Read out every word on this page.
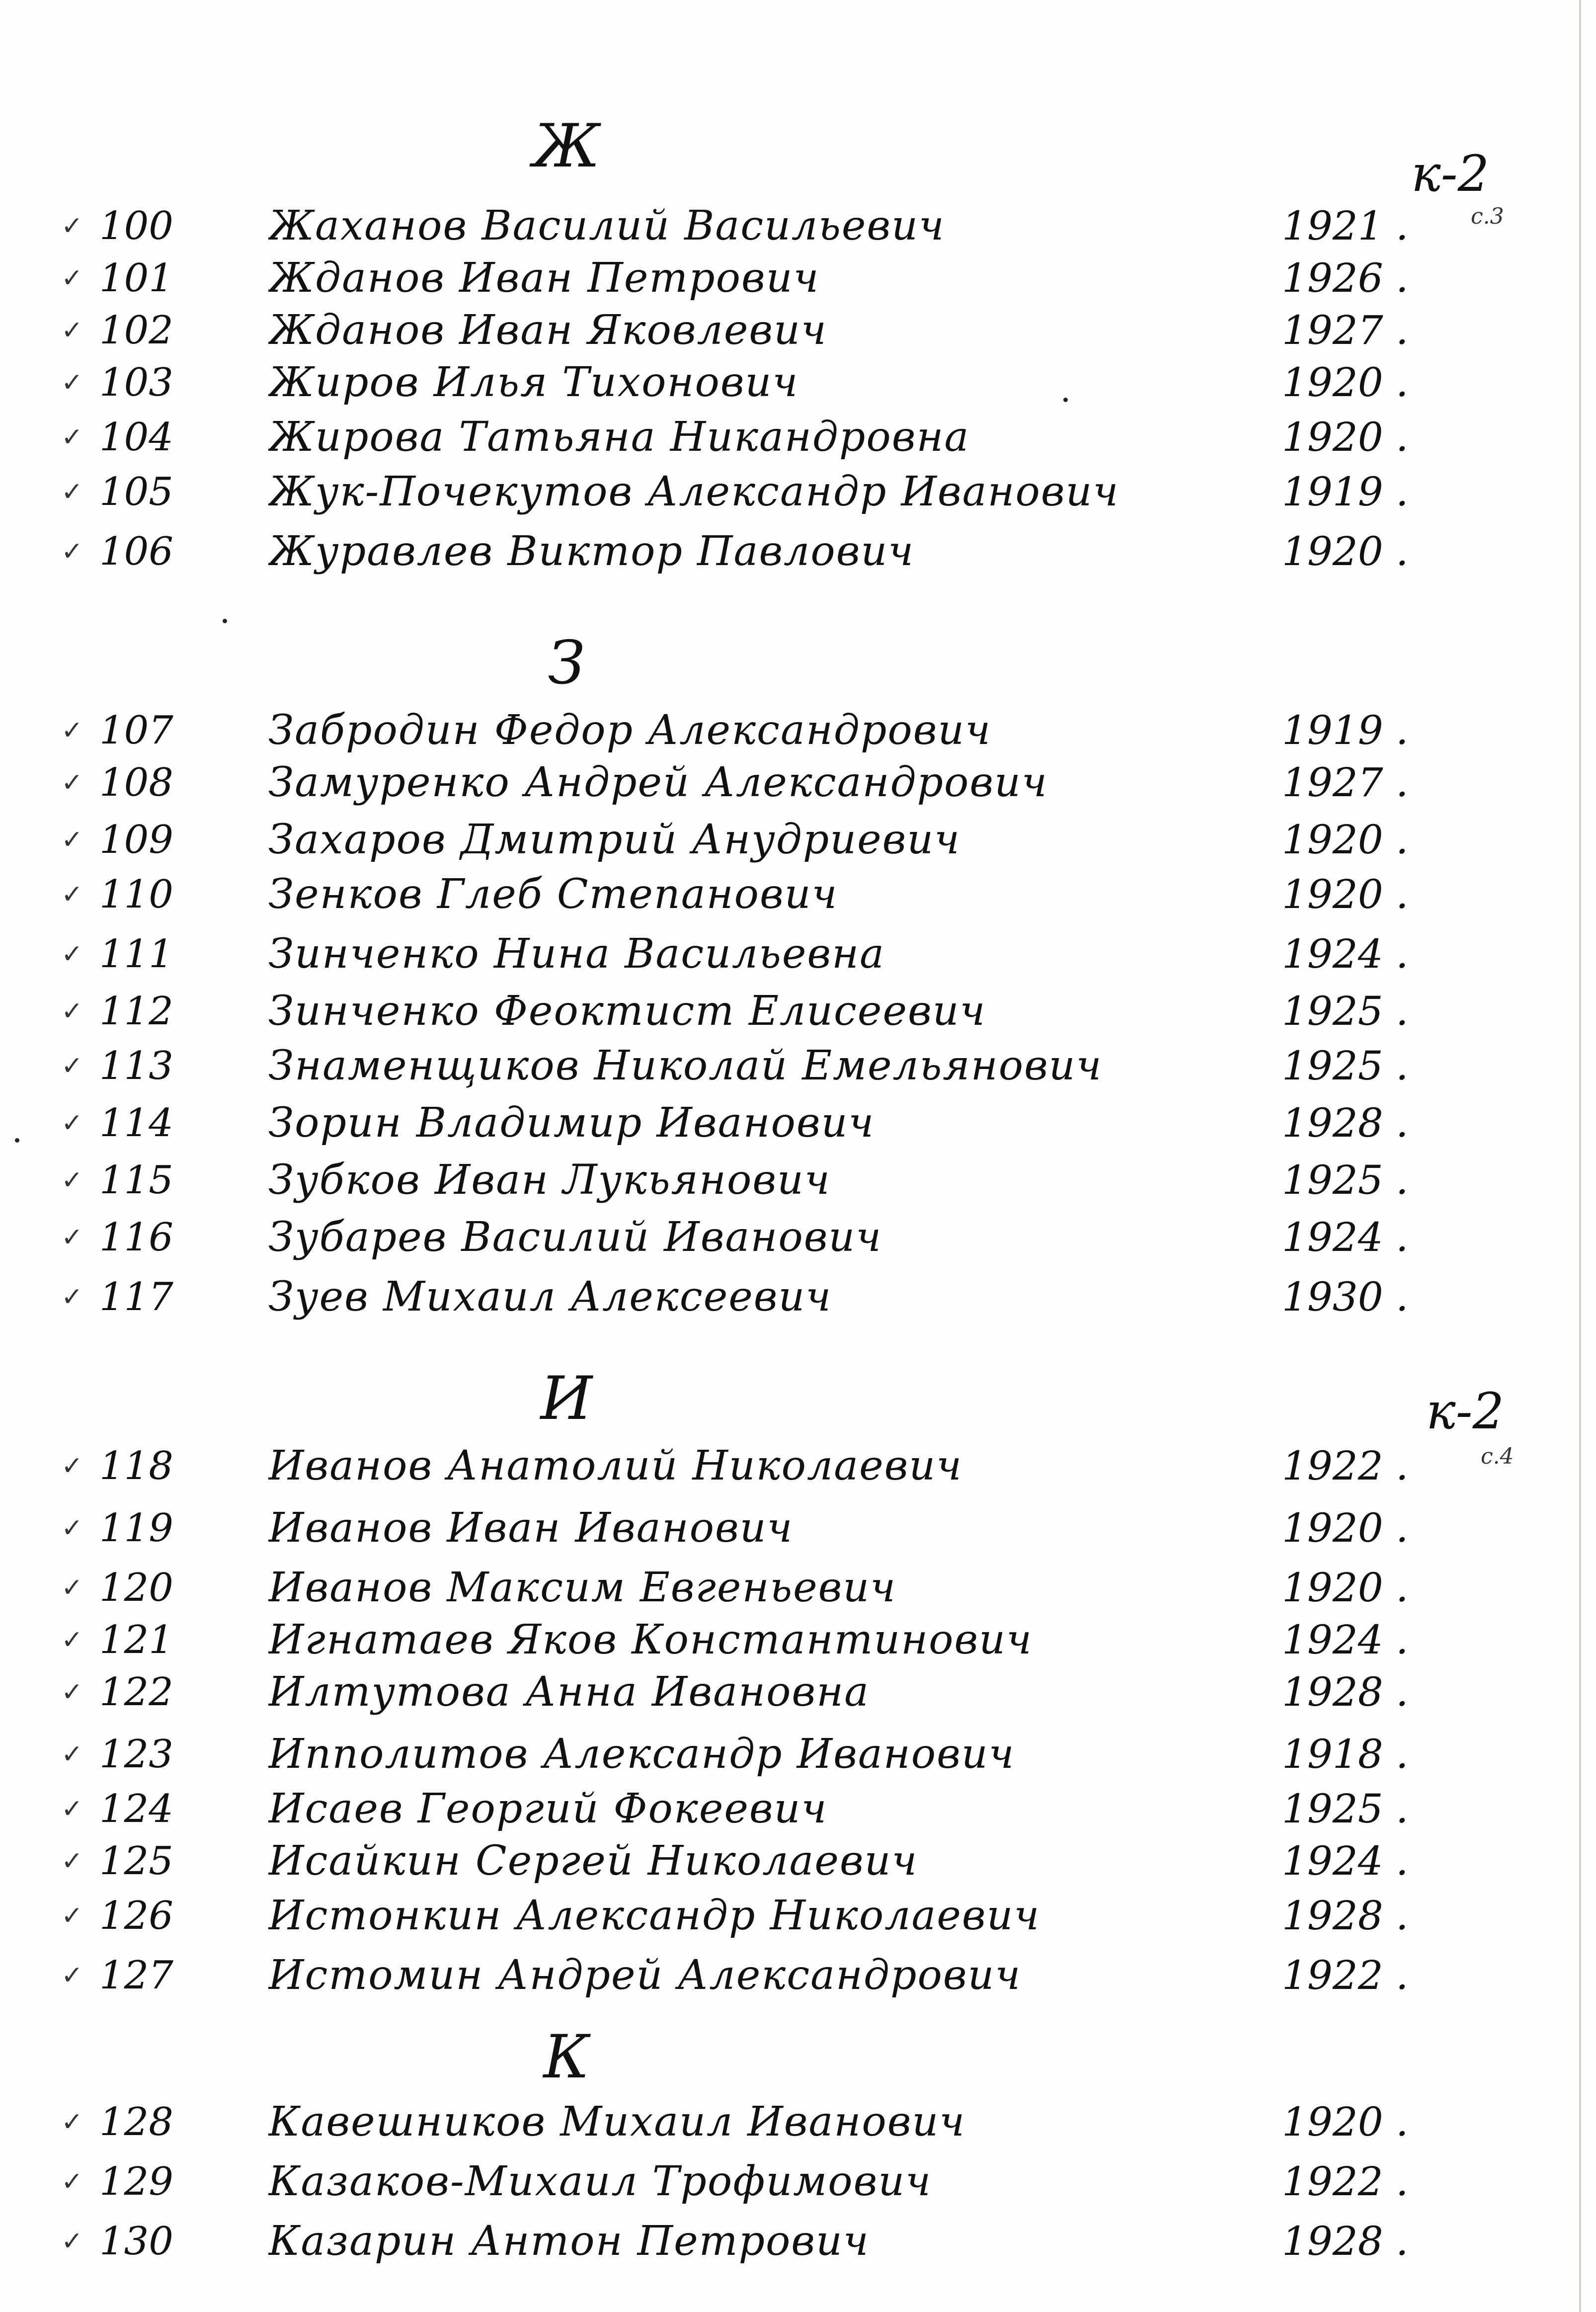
к-2
с.3
к-2
с.4
Ж
✓ 100	Жаханов Василий Васильевич	1921 .
✓ 101	Жданов Иван Петрович	1926 .
✓ 102	Жданов Иван Яковлевич	1927 .
✓ 103	Жиров Илья Тихонович	1920 .
✓ 104	Жирова Татьяна Никандровна	1920 .
✓ 105	Жук-Почекутов Александр Иванович	1919 .
✓ 106	Журавлев Виктор Павлович	1920 .
З
✓ 107	Забродин Федор Александрович	1919 .
✓ 108	Замуренко Андрей Александрович	1927 .
✓ 109	Захаров Дмитрий Анудриевич	1920 .
✓ 110	Зенков Глеб Степанович	1920 .
✓ 111	Зинченко Нина Васильевна	1924 .
✓ 112	Зинченко Феоктист Елисеевич	1925 .
✓ 113	Знаменщиков Николай Емельянович	1925 .
✓ 114	Зорин Владимир Иванович	1928 .
✓ 115	Зубков Иван Лукьянович	1925 .
✓ 116	Зубарев Василий Иванович	1924 .
✓ 117	Зуев Михаил Алексеевич	1930 .
И
✓ 118	Иванов Анатолий Николаевич	1922 .
✓ 119	Иванов Иван Иванович	1920 .
✓ 120	Иванов Максим Евгеньевич	1920 .
✓ 121	Игнатаев Яков Константинович	1924 .
✓ 122	Илтутова Анна Ивановна	1928 .
✓ 123	Ипполитов Александр Иванович	1918 .
✓ 124	Исаев Георгий Фокеевич	1925 .
✓ 125	Исайкин Сергей Николаевич	1924 .
✓ 126	Истонкин Александр Николаевич	1928 .
✓ 127	Истомин Андрей Александрович	1922 .
К
✓ 128	Кавешников Михаил Иванович	1920 .
✓ 129	Казаков-Михаил Трофимович	1922 .
✓ 130	Казарин Антон Петрович	1928 .
